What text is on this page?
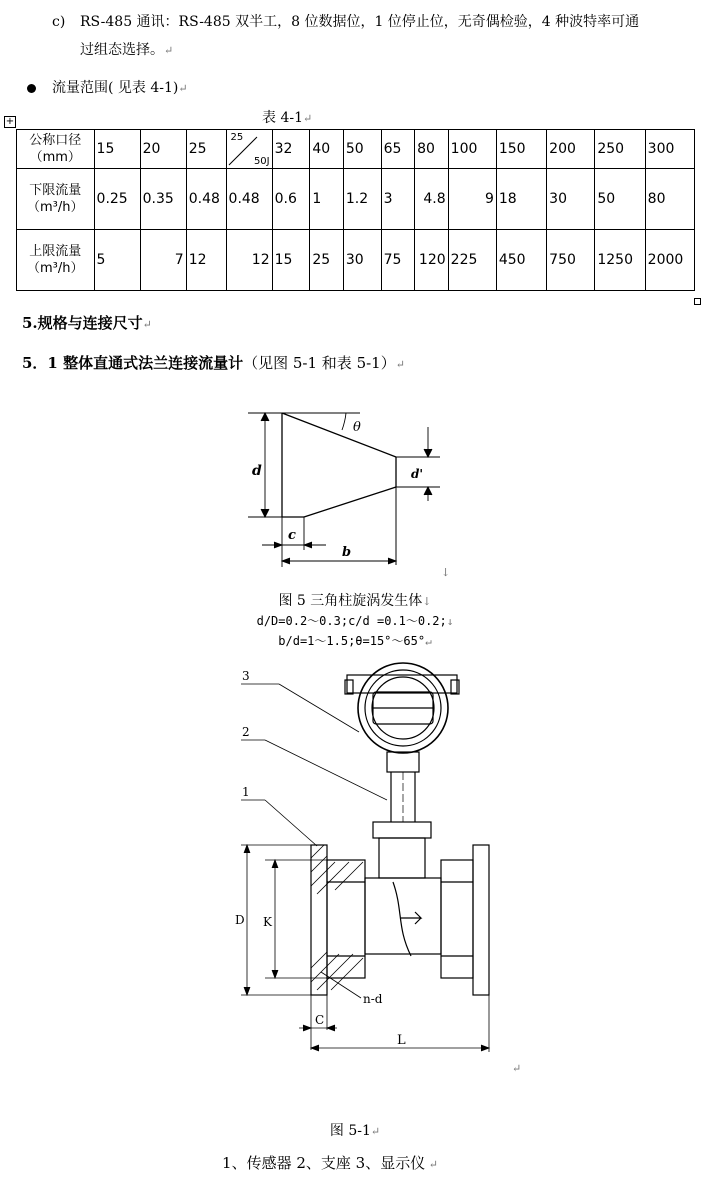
c) RS-485 通讯：RS-485 双半工，8 位数据位，1 位停止位，无奇偶检验，4 种波特率可通
过组态选择。↵
流量范围( 见表 4-1)↵
+	表 4-1↵
公称口径
（mm）	15	20	25	25
50J	32	40	50	65	80	100	150	200	250	300
下限流量
（m³/h）	0.25	0.35	0.48	0.48	0.6	1	1.2	3	4.8	9	18	30	50	80
上限流量
（m³/h）	5	7	12	12	15	25	30	75	120	225	450	750	1250	2000
5.规格与连接尺寸↵
5．1 整体直通式法兰连接流量计（见图 5-1 和表 5-1）↵
θ
d	d'
c
b
↓
图 5 三角柱旋涡发生体↓
d/D=0.2～0.3;c/d =0.1～0.2;↓
b/d=1～1.5;θ=15°～65°↵
3
2
1
D K
C
L
n-d
↵
图 5-1↵
1、传感器 2、支座 3、显示仪 ↵
